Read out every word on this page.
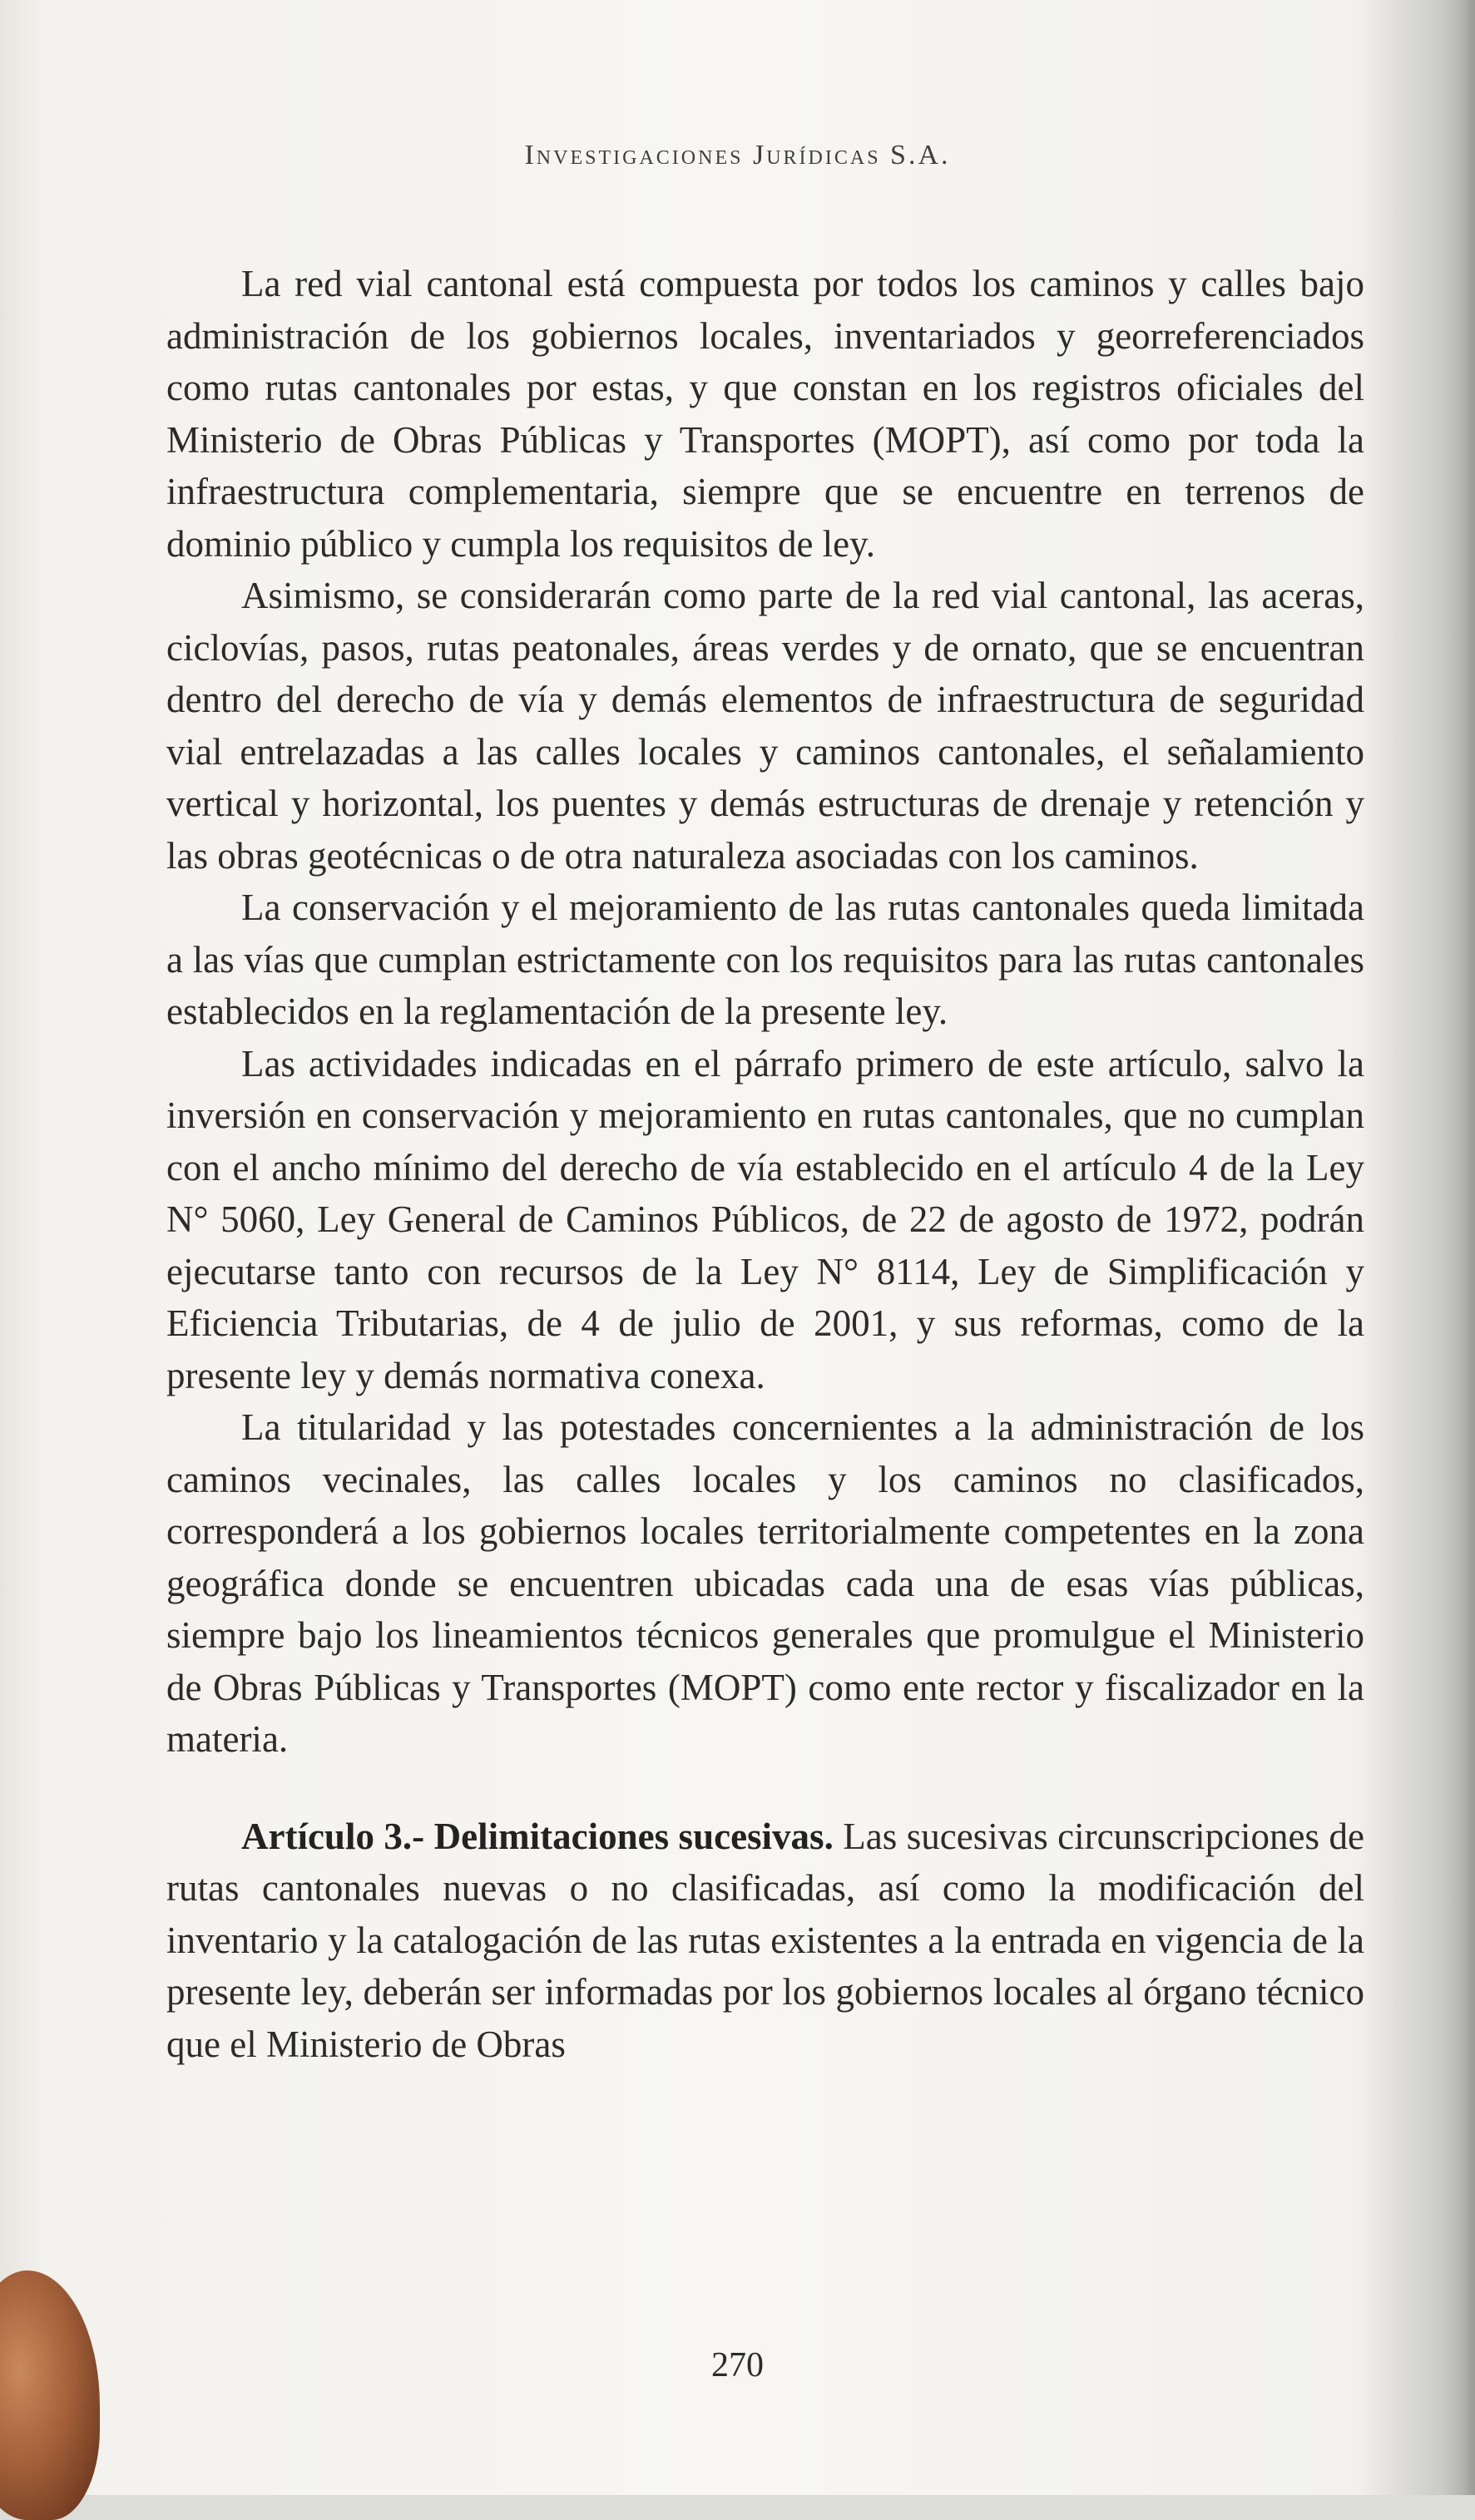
Investigaciones Jurídicas S.A.

La red vial cantonal está compuesta por todos los caminos y calles bajo administración de los gobiernos locales, inventariados y georreferenciados como rutas cantonales por estas, y que constan en los registros oficiales del Ministerio de Obras Públicas y Transportes (MOPT), así como por toda la infraestructura complementaria, siempre que se encuentre en terrenos de dominio público y cumpla los requisitos de ley.

Asimismo, se considerarán como parte de la red vial cantonal, las aceras, ciclovías, pasos, rutas peatonales, áreas verdes y de ornato, que se encuentran dentro del derecho de vía y demás elementos de infraestructura de seguridad vial entrelazadas a las calles locales y caminos cantonales, el señalamiento vertical y horizontal, los puentes y demás estructuras de drenaje y retención y las obras geotécnicas o de otra naturaleza asociadas con los caminos.

La conservación y el mejoramiento de las rutas cantonales queda limitada a las vías que cumplan estrictamente con los requisitos para las rutas cantonales establecidos en la reglamentación de la presente ley.

Las actividades indicadas en el párrafo primero de este artículo, salvo la inversión en conservación y mejoramiento en rutas cantonales, que no cumplan con el ancho mínimo del derecho de vía establecido en el artículo 4 de la Ley N° 5060, Ley General de Caminos Públicos, de 22 de agosto de 1972, podrán ejecutarse tanto con recursos de la Ley N° 8114, Ley de Simplificación y Eficiencia Tributarias, de 4 de julio de 2001, y sus reformas, como de la presente ley y demás normativa conexa.

La titularidad y las potestades concernientes a la administración de los caminos vecinales, las calles locales y los caminos no clasificados, corresponderá a los gobiernos locales territorialmente competentes en la zona geográfica donde se encuentren ubicadas cada una de esas vías públicas, siempre bajo los lineamientos técnicos generales que promulgue el Ministerio de Obras Públicas y Transportes (MOPT) como ente rector y fiscalizador en la materia.

Artículo 3.- Delimitaciones sucesivas. Las sucesivas circunscripciones de rutas cantonales nuevas o no clasificadas, así como la modificación del inventario y la catalogación de las rutas existentes a la entrada en vigencia de la presente ley, deberán ser informadas por los gobiernos locales al órgano técnico que el Ministerio de Obras

270
